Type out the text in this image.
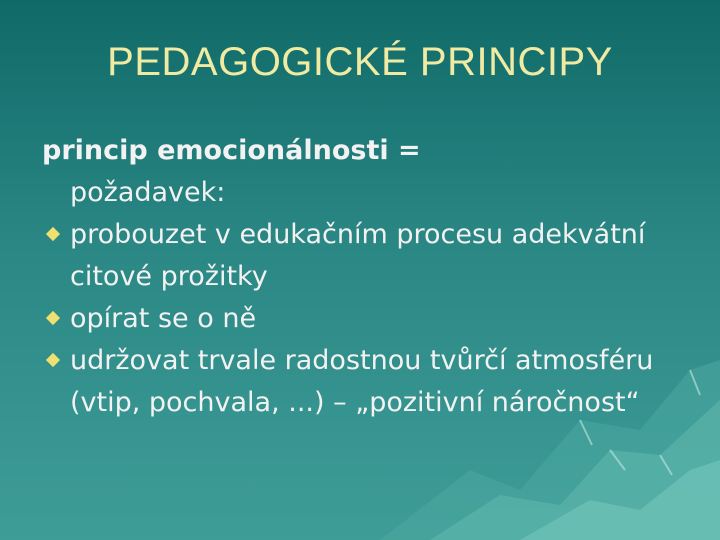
PEDAGOGICKÉ PRINCIPY
princip emocionálnosti =
požadavek:
probouzet v edukačním procesu adekvátní citové prožitky
opírat se o ně
udržovat trvale radostnou tvůrčí atmosféru (vtip, pochvala, ...) – „pozitivní náročnost“
